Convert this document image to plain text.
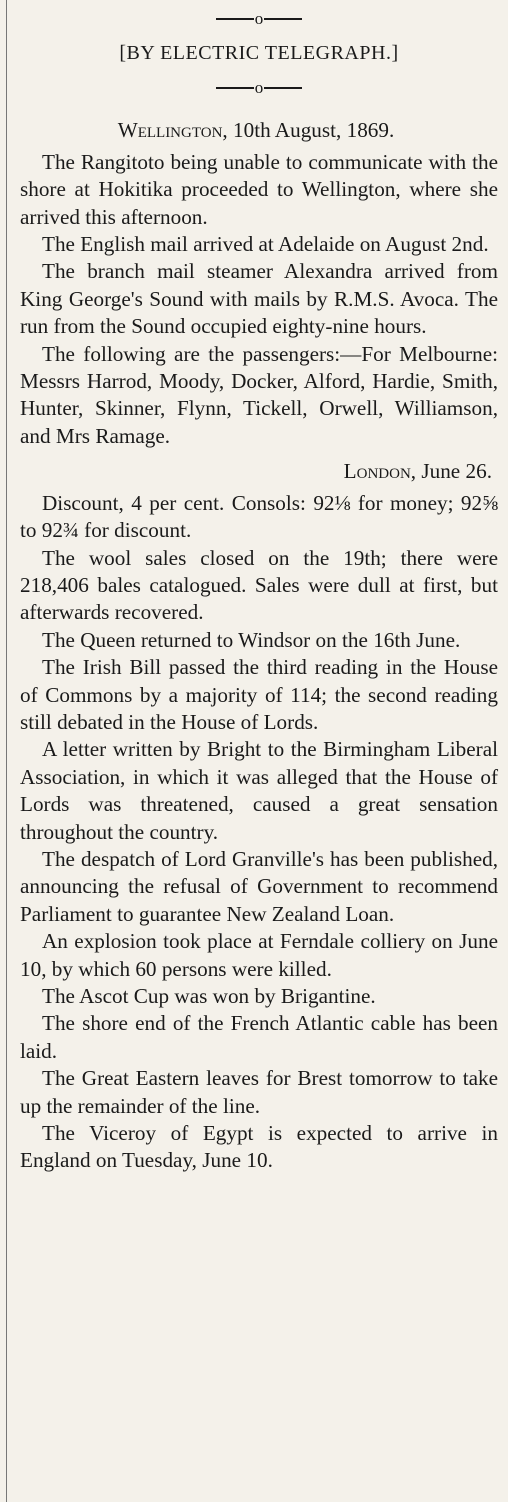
o
[BY ELECTRIC TELEGRAPH.]
o
Wellington, 10th August, 1869.

The Rangitoto being unable to communicate with the shore at Hokitika proceeded to Wellington, where she arrived this afternoon.

The English mail arrived at Adelaide on August 2nd.

The branch mail steamer Alexandra arrived from King George's Sound with mails by R.M.S. Avoca. The run from the Sound occupied eighty-nine hours.

The following are the passengers:—For Melbourne: Messrs Harrod, Moody, Docker, Alford, Hardie, Smith, Hunter, Skinner, Flynn, Tickell, Orwell, Williamson, and Mrs Ramage.

London, June 26.

Discount, 4 per cent. Consols: 92⅛ for money; 92⅝ to 92¾ for discount.

The wool sales closed on the 19th; there were 218,406 bales catalogued. Sales were dull at first, but afterwards recovered.

The Queen returned to Windsor on the 16th June.

The Irish Bill passed the third reading in the House of Commons by a majority of 114; the second reading still debated in the House of Lords.

A letter written by Bright to the Birmingham Liberal Association, in which it was alleged that the House of Lords was threatened, caused a great sensation throughout the country.

The despatch of Lord Granville's has been published, announcing the refusal of Government to recommend Parliament to guarantee New Zealand Loan.

An explosion took place at Ferndale colliery on June 10, by which 60 persons were killed.

The Ascot Cup was won by Brigantine.

The shore end of the French Atlantic cable has been laid.

The Great Eastern leaves for Brest tomorrow to take up the remainder of the line.

The Viceroy of Egypt is expected to arrive in England on Tuesday, June 10.
